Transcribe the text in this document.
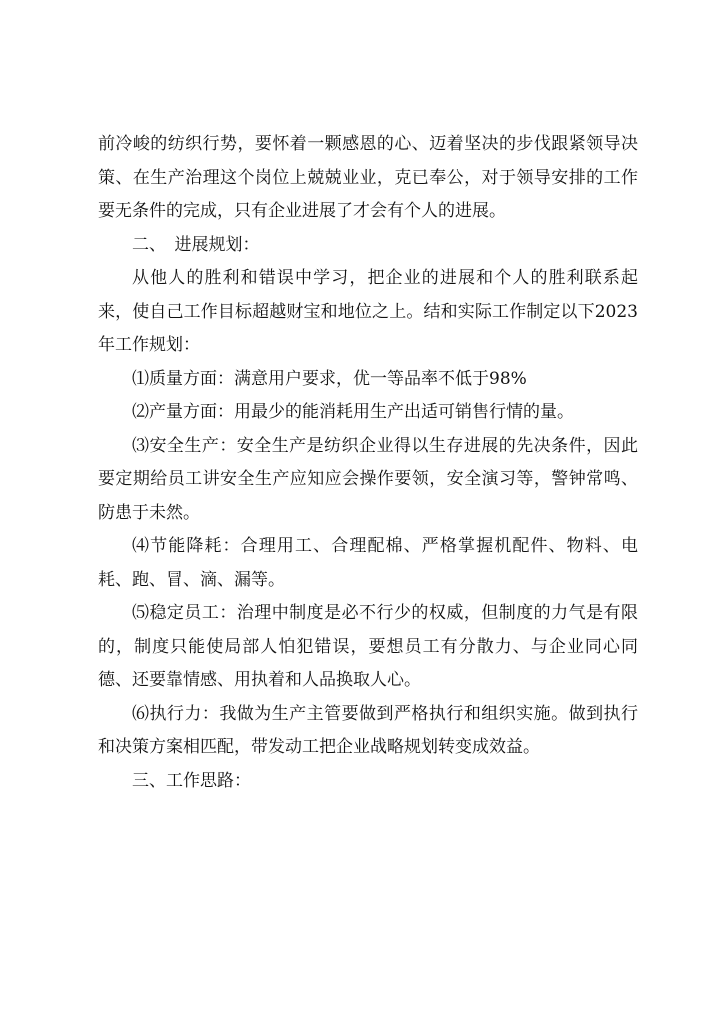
前冷峻的纺织行势，要怀着一颗感恩的心、迈着坚决的步伐跟紧领导决策、在生产治理这个岗位上兢兢业业，克已奉公，对于领导安排的工作要无条件的完成，只有企业进展了才会有个人的进展。

二、　进展规划：

从他人的胜利和错误中学习，把企业的进展和个人的胜利联系起来，使自己工作目标超越财宝和地位之上。结和实际工作制定以下2023年工作规划：

⑴质量方面：满意用户要求，优一等品率不低于98%

⑵产量方面：用最少的能消耗用生产出适可销售行情的量。

⑶安全生产：安全生产是纺织企业得以生存进展的先决条件，因此要定期给员工讲安全生产应知应会操作要领，安全演习等，警钟常鸣、防患于未然。

⑷节能降耗：合理用工、合理配棉、严格掌握机配件、物料、电耗、跑、冒、滴、漏等。

⑸稳定员工：治理中制度是必不行少的权威，但制度的力气是有限的，制度只能使局部人怕犯错误，要想员工有分散力、与企业同心同德、还要靠情感、用执着和人品换取人心。

⑹执行力：我做为生产主管要做到严格执行和组织实施。做到执行和决策方案相匹配，带发动工把企业战略规划转变成效益。

三、工作思路：
